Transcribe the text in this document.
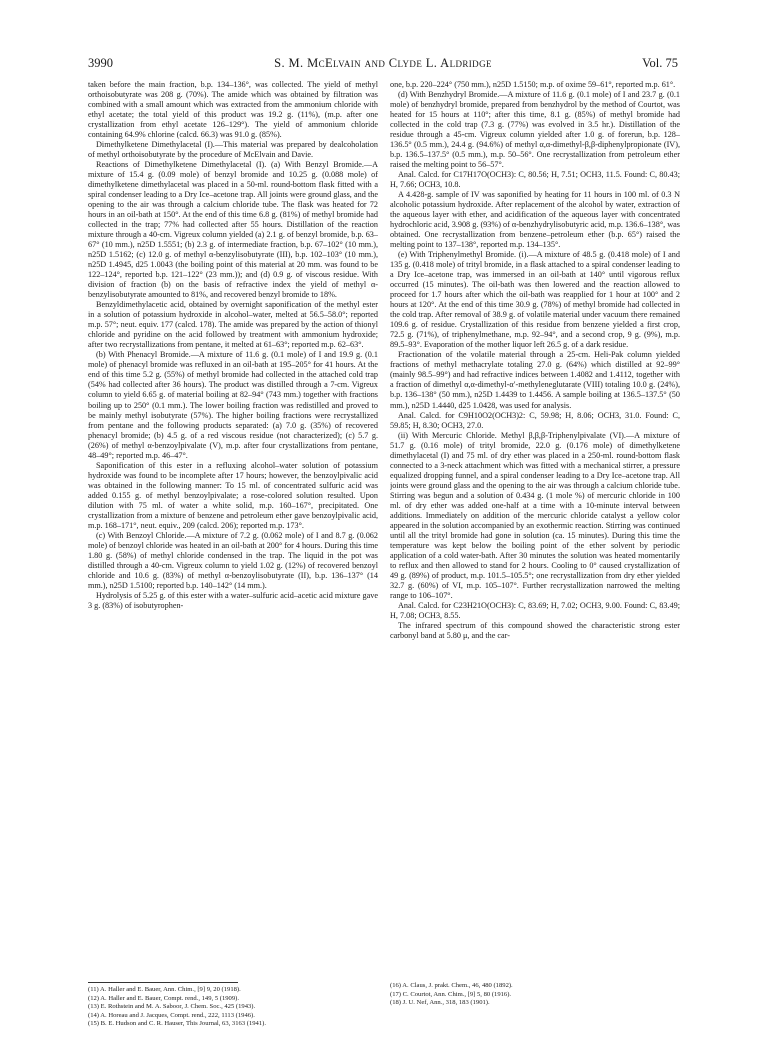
3990	S. M. McElvain and Clyde L. Aldridge	Vol. 75

taken before the main fraction, b.p. 134–136°, was collected. The yield of methyl orthoisobutyrate was 208 g. (70%). The amide which was obtained by filtration was combined with a small amount which was extracted from the ammonium chloride with ethyl acetate; the total yield of this product was 19.2 g. (11%), (m.p. after one crystallization from ethyl acetate 126–129°). The yield of ammonium chloride containing 64.9% chlorine (calcd. 66.3) was 91.0 g. (85%).

Dimethylketene Dimethylacetal (I).—This material was prepared by dealcoholation of methyl orthoisobutyrate by the procedure of McElvain and Davie.

Reactions of Dimethylketene Dimethylacetal (I). (a) With Benzyl Bromide.—A mixture of 15.4 g. (0.09 mole) of benzyl bromide and 10.25 g. (0.088 mole) of dimethylketene dimethylacetal was placed in a 50-ml. round-bottom flask fitted with a spiral condenser leading to a Dry Ice–acetone trap. All joints were ground glass, and the opening to the air was through a calcium chloride tube. The flask was heated for 72 hours in an oil-bath at 150°. At the end of this time 6.8 g. (81%) of methyl bromide had collected in the trap; 77% had collected after 55 hours. Distillation of the reaction mixture through a 40-cm. Vigreux column yielded (a) 2.1 g. of benzyl bromide, b.p. 63–67° (10 mm.), n25D 1.5551; (b) 2.3 g. of intermediate fraction, b.p. 67–102° (10 mm.), n25D 1.5162; (c) 12.0 g. of methyl α-benzylisobutyrate (III), b.p. 102–103° (10 mm.), n25D 1.4945, d25 1.0043 (the boiling point of this material at 20 mm. was found to be 122–124°, reported b.p. 121–122° (23 mm.)); and (d) 0.9 g. of viscous residue. With division of fraction (b) on the basis of refractive index the yield of methyl α-benzylisobutyrate amounted to 81%, and recovered benzyl bromide to 18%.

Benzyldimethylacetic acid, obtained by overnight saponification of the methyl ester in a solution of potassium hydroxide in alcohol–water, melted at 56.5–58.0°; reported m.p. 57°; neut. equiv. 177 (calcd. 178). The amide was prepared by the action of thionyl chloride and pyridine on the acid followed by treatment with ammonium hydroxide; after two recrystallizations from pentane, it melted at 61–63°; reported m.p. 62–63°.

(b) With Phenacyl Bromide.—A mixture of 11.6 g. (0.1 mole) of I and 19.9 g. (0.1 mole) of phenacyl bromide was refluxed in an oil-bath at 195–205° for 41 hours. At the end of this time 5.2 g. (55%) of methyl bromide had collected in the attached cold trap (54% had collected after 36 hours). The product was distilled through a 7-cm. Vigreux column to yield 6.65 g. of material boiling at 82–94° (743 mm.) together with fractions boiling up to 250° (0.1 mm.). The lower boiling fraction was redistilled and proved to be mainly methyl isobutyrate (57%). The higher boiling fractions were recrystallized from pentane and the following products separated: (a) 7.0 g. (35%) of recovered phenacyl bromide; (b) 4.5 g. of a red viscous residue (not characterized); (c) 5.7 g. (26%) of methyl α-benzoylpivalate (V), m.p. after four crystallizations from pentane, 48–49°; reported m.p. 46–47°.

Saponification of this ester in a refluxing alcohol–water solution of potassium hydroxide was found to be incomplete after 17 hours; however, the benzoylpivalic acid was obtained in the following manner: To 15 ml. of concentrated sulfuric acid was added 0.155 g. of methyl benzoylpivalate; a rose-colored solution resulted. Upon dilution with 75 ml. of water a white solid, m.p. 160–167°, precipitated. One crystallization from a mixture of benzene and petroleum ether gave benzoylpivalic acid, m.p. 168–171°, neut. equiv., 209 (calcd. 206); reported m.p. 173°.

(c) With Benzoyl Chloride.—A mixture of 7.2 g. (0.062 mole) of I and 8.7 g. (0.062 mole) of benzoyl chloride was heated in an oil-bath at 200° for 4 hours. During this time 1.80 g. (58%) of methyl chloride condensed in the trap. The liquid in the pot was distilled through a 40-cm. Vigreux column to yield 1.02 g. (12%) of recovered benzoyl chloride and 10.6 g. (83%) of methyl α-benzoylisobutyrate (II), b.p. 136–137° (14 mm.), n25D 1.5100; reported b.p. 140–142° (14 mm.).

Hydrolysis of 5.25 g. of this ester with a water–sulfuric acid–acetic acid mixture gave 3 g. (83%) of isobutyrophen-

one, b.p. 220–224° (750 mm.), n25D 1.5150; m.p. of oxime 59–61°, reported m.p. 61°.

(d) With Benzhydryl Bromide.—A mixture of 11.6 g. (0.1 mole) of I and 23.7 g. (0.1 mole) of benzhydryl bromide, prepared from benzhydrol by the method of Courtot, was heated for 15 hours at 110°; after this time, 8.1 g. (85%) of methyl bromide had collected in the cold trap (7.3 g. (77%) was evolved in 3.5 hr.). Distillation of the residue through a 45-cm. Vigreux column yielded after 1.0 g. of forerun, b.p. 128–136.5° (0.5 mm.), 24.4 g. (94.6%) of methyl α,α-dimethyl-β,β-diphenylpropionate (IV), b.p. 136.5–137.5° (0.5 mm.), m.p. 50–56°. One recrystallization from petroleum ether raised the melting point to 56–57°.

Anal. Calcd. for C17H17O(OCH3): C, 80.56; H, 7.51; OCH3, 11.5. Found: C, 80.43; H, 7.66; OCH3, 10.8.

A 4.428-g. sample of IV was saponified by heating for 11 hours in 100 ml. of 0.3 N alcoholic potassium hydroxide. After replacement of the alcohol by water, extraction of the aqueous layer with ether, and acidification of the aqueous layer with concentrated hydrochloric acid, 3.908 g. (93%) of α-benzhydrylisobutyric acid, m.p. 136.6–138°, was obtained. One recrystallization from benzene–petroleum ether (b.p. 65°) raised the melting point to 137–138°, reported m.p. 134–135°.

(e) With Triphenylmethyl Bromide. (i).—A mixture of 48.5 g. (0.418 mole) of I and 135 g. (0.418 mole) of trityl bromide, in a flask attached to a spiral condenser leading to a Dry Ice–acetone trap, was immersed in an oil-bath at 140° until vigorous reflux occurred (15 minutes). The oil-bath was then lowered and the reaction allowed to proceed for 1.7 hours after which the oil-bath was reapplied for 1 hour at 100° and 2 hours at 120°. At the end of this time 30.9 g. (78%) of methyl bromide had collected in the cold trap. After removal of 38.9 g. of volatile material under vacuum there remained 109.6 g. of residue. Crystallization of this residue from benzene yielded a first crop, 72.5 g. (71%), of triphenylmethane, m.p. 92–94°, and a second crop, 9 g. (9%), m.p. 89.5–93°. Evaporation of the mother liquor left 26.5 g. of a dark residue.

Fractionation of the volatile material through a 25-cm. Heli-Pak column yielded fractions of methyl methacrylate totaling 27.0 g. (64%) which distilled at 92–99° (mainly 98.5–99°) and had refractive indices between 1.4082 and 1.4112, together with a fraction of dimethyl α,α-dimethyl-α′-methyleneglutarate (VIII) totaling 10.0 g. (24%), b.p. 136–138° (50 mm.), n25D 1.4439 to 1.4456. A sample boiling at 136.5–137.5° (50 mm.), n25D 1.4440, d25 1.0428, was used for analysis.

Anal. Calcd. for C9H10O2(OCH3)2: C, 59.98; H, 8.06; OCH3, 31.0. Found: C, 59.85; H, 8.30; OCH3, 27.0.

(ii) With Mercuric Chloride. Methyl β,β,β-Triphenylpivalate (VI).—A mixture of 51.7 g. (0.16 mole) of trityl bromide, 22.0 g. (0.176 mole) of dimethylketene dimethylacetal (I) and 75 ml. of dry ether was placed in a 250-ml. round-bottom flask connected to a 3-neck attachment which was fitted with a mechanical stirrer, a pressure equalized dropping funnel, and a spiral condenser leading to a Dry Ice–acetone trap. All joints were ground glass and the opening to the air was through a calcium chloride tube. Stirring was begun and a solution of 0.434 g. (1 mole %) of mercuric chloride in 100 ml. of dry ether was added one-half at a time with a 10-minute interval between additions. Immediately on addition of the mercuric chloride catalyst a yellow color appeared in the solution accompanied by an exothermic reaction. Stirring was continued until all the trityl bromide had gone in solution (ca. 15 minutes). During this time the temperature was kept below the boiling point of the ether solvent by periodic application of a cold water-bath. After 30 minutes the solution was heated momentarily to reflux and then allowed to stand for 2 hours. Cooling to 0° caused crystallization of 49 g. (89%) of product, m.p. 101.5–105.5°; one recrystallization from dry ether yielded 32.7 g. (60%) of VI, m.p. 105–107°. Further recrystallization narrowed the melting range to 106–107°.

Anal. Calcd. for C23H21O(OCH3): C, 83.69; H, 7.02; OCH3, 9.00. Found: C, 83.49; H, 7.08; OCH3, 8.55.

The infrared spectrum of this compound showed the characteristic strong ester carbonyl band at 5.80 μ, and the car-

(11) A. Haller and E. Bauer, Ann. Chim., [9] 9, 20 (1918).
(12) A. Haller and E. Bauer, Compt. rend., 149, 5 (1909).
(13) E. Rothstein and M. A. Saboor, J. Chem. Soc., 425 (1943).
(14) A. Horeau and J. Jacques, Compt. rend., 222, 1113 (1946).
(15) B. E. Hudson and C. R. Hauser, This Journal, 63, 3163 (1941).
(16) A. Claus, J. prakt. Chem., 46, 480 (1892).
(17) C. Courtot, Ann. Chim., [9] 5, 80 (1916).
(18) J. U. Nef, Ann., 318, 183 (1901).
